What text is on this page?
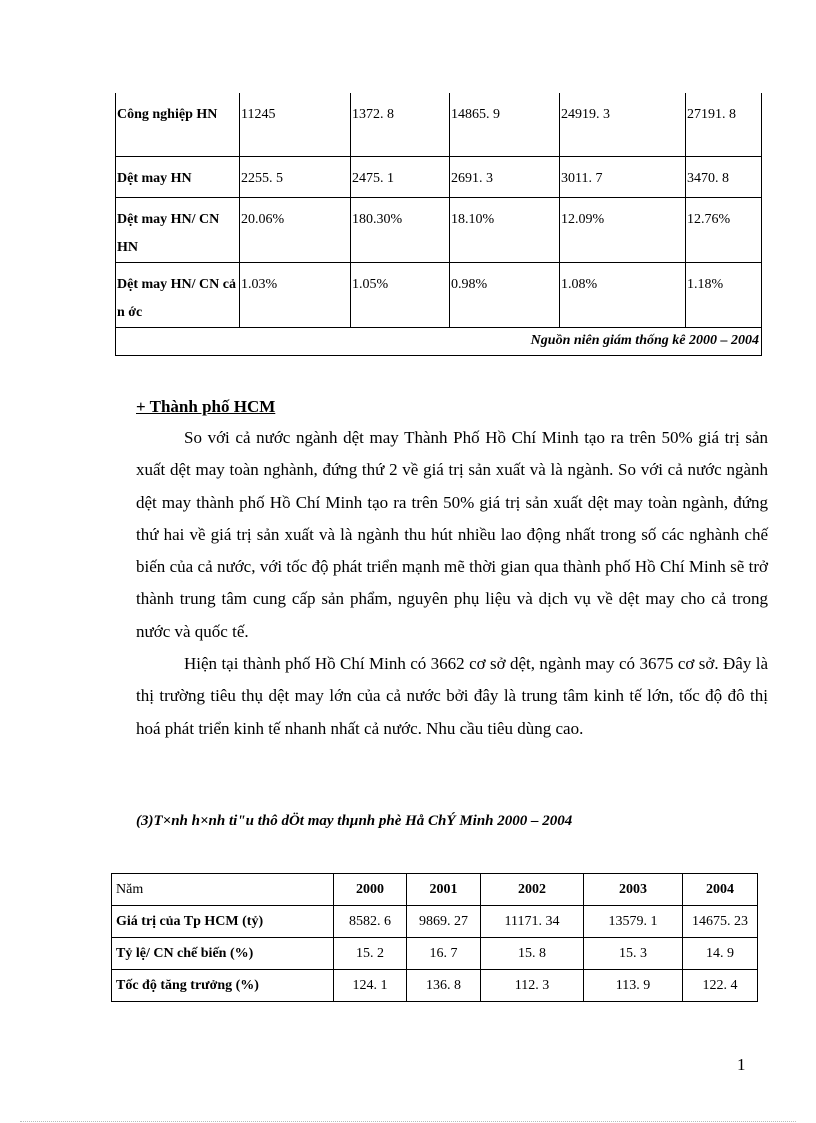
Công nghiệp HN	11245	1372. 8	14865. 9	24919. 3	27191. 8
Dệt may HN	2255. 5	2475. 1	2691. 3	3011. 7	3470. 8
Dệt may HN/ CN HN	20.06%	180.30%	18.10%	12.09%	12.76%
Dệt may HN/ CN cả n ớc	1.03%	1.05%	0.98%	1.08%	1.18%
Nguồn niên giám thống kê 2000 – 2004					
+ Thành phố HCM

So với cả nước ngành dệt may Thành Phố Hồ Chí Minh tạo ra trên 50% giá trị sản xuất dệt may toàn nghành, đứng thứ 2 về giá trị sản xuất và là ngành. So với cả nước ngành dệt may thành phố Hồ Chí Minh tạo ra trên 50% giá trị sản xuất dệt may toàn ngành, đứng thứ hai về giá trị sản xuất và là ngành thu hút nhiều lao động nhất trong số các nghành chế biến của cả nước, với tốc độ phát triển mạnh mẽ thời gian qua thành phố Hồ Chí Minh sẽ trở thành trung tâm cung cấp sản phẩm, nguyên phụ liệu và dịch vụ về dệt may cho cả trong nước và quốc tế.

Hiện tại thành phố Hồ Chí Minh có 3662 cơ sở dệt, ngành may có 3675 cơ sở. Đây là thị trường tiêu thụ dệt may lớn của cả nước bởi đây là trung tâm kinh tế lớn, tốc độ đô thị hoá phát triển kinh tế nhanh nhất cả nước. Nhu cầu tiêu dùng cao.

(3)T×nh h×nh ti"u thô dÖt may thµnh phè Hå ChÝ Minh 2000 – 2004
Năm	2000	2001	2002	2003	2004
Giá trị của Tp HCM (tỷ)	8582. 6	9869. 27	11171. 34	13579. 1	14675. 23
Tỷ lệ/ CN chế biến (%)	15. 2	16. 7	15. 8	15. 3	14. 9
Tốc độ tăng trưởng (%)	124. 1	136. 8	112. 3	113. 9	122. 4
1
